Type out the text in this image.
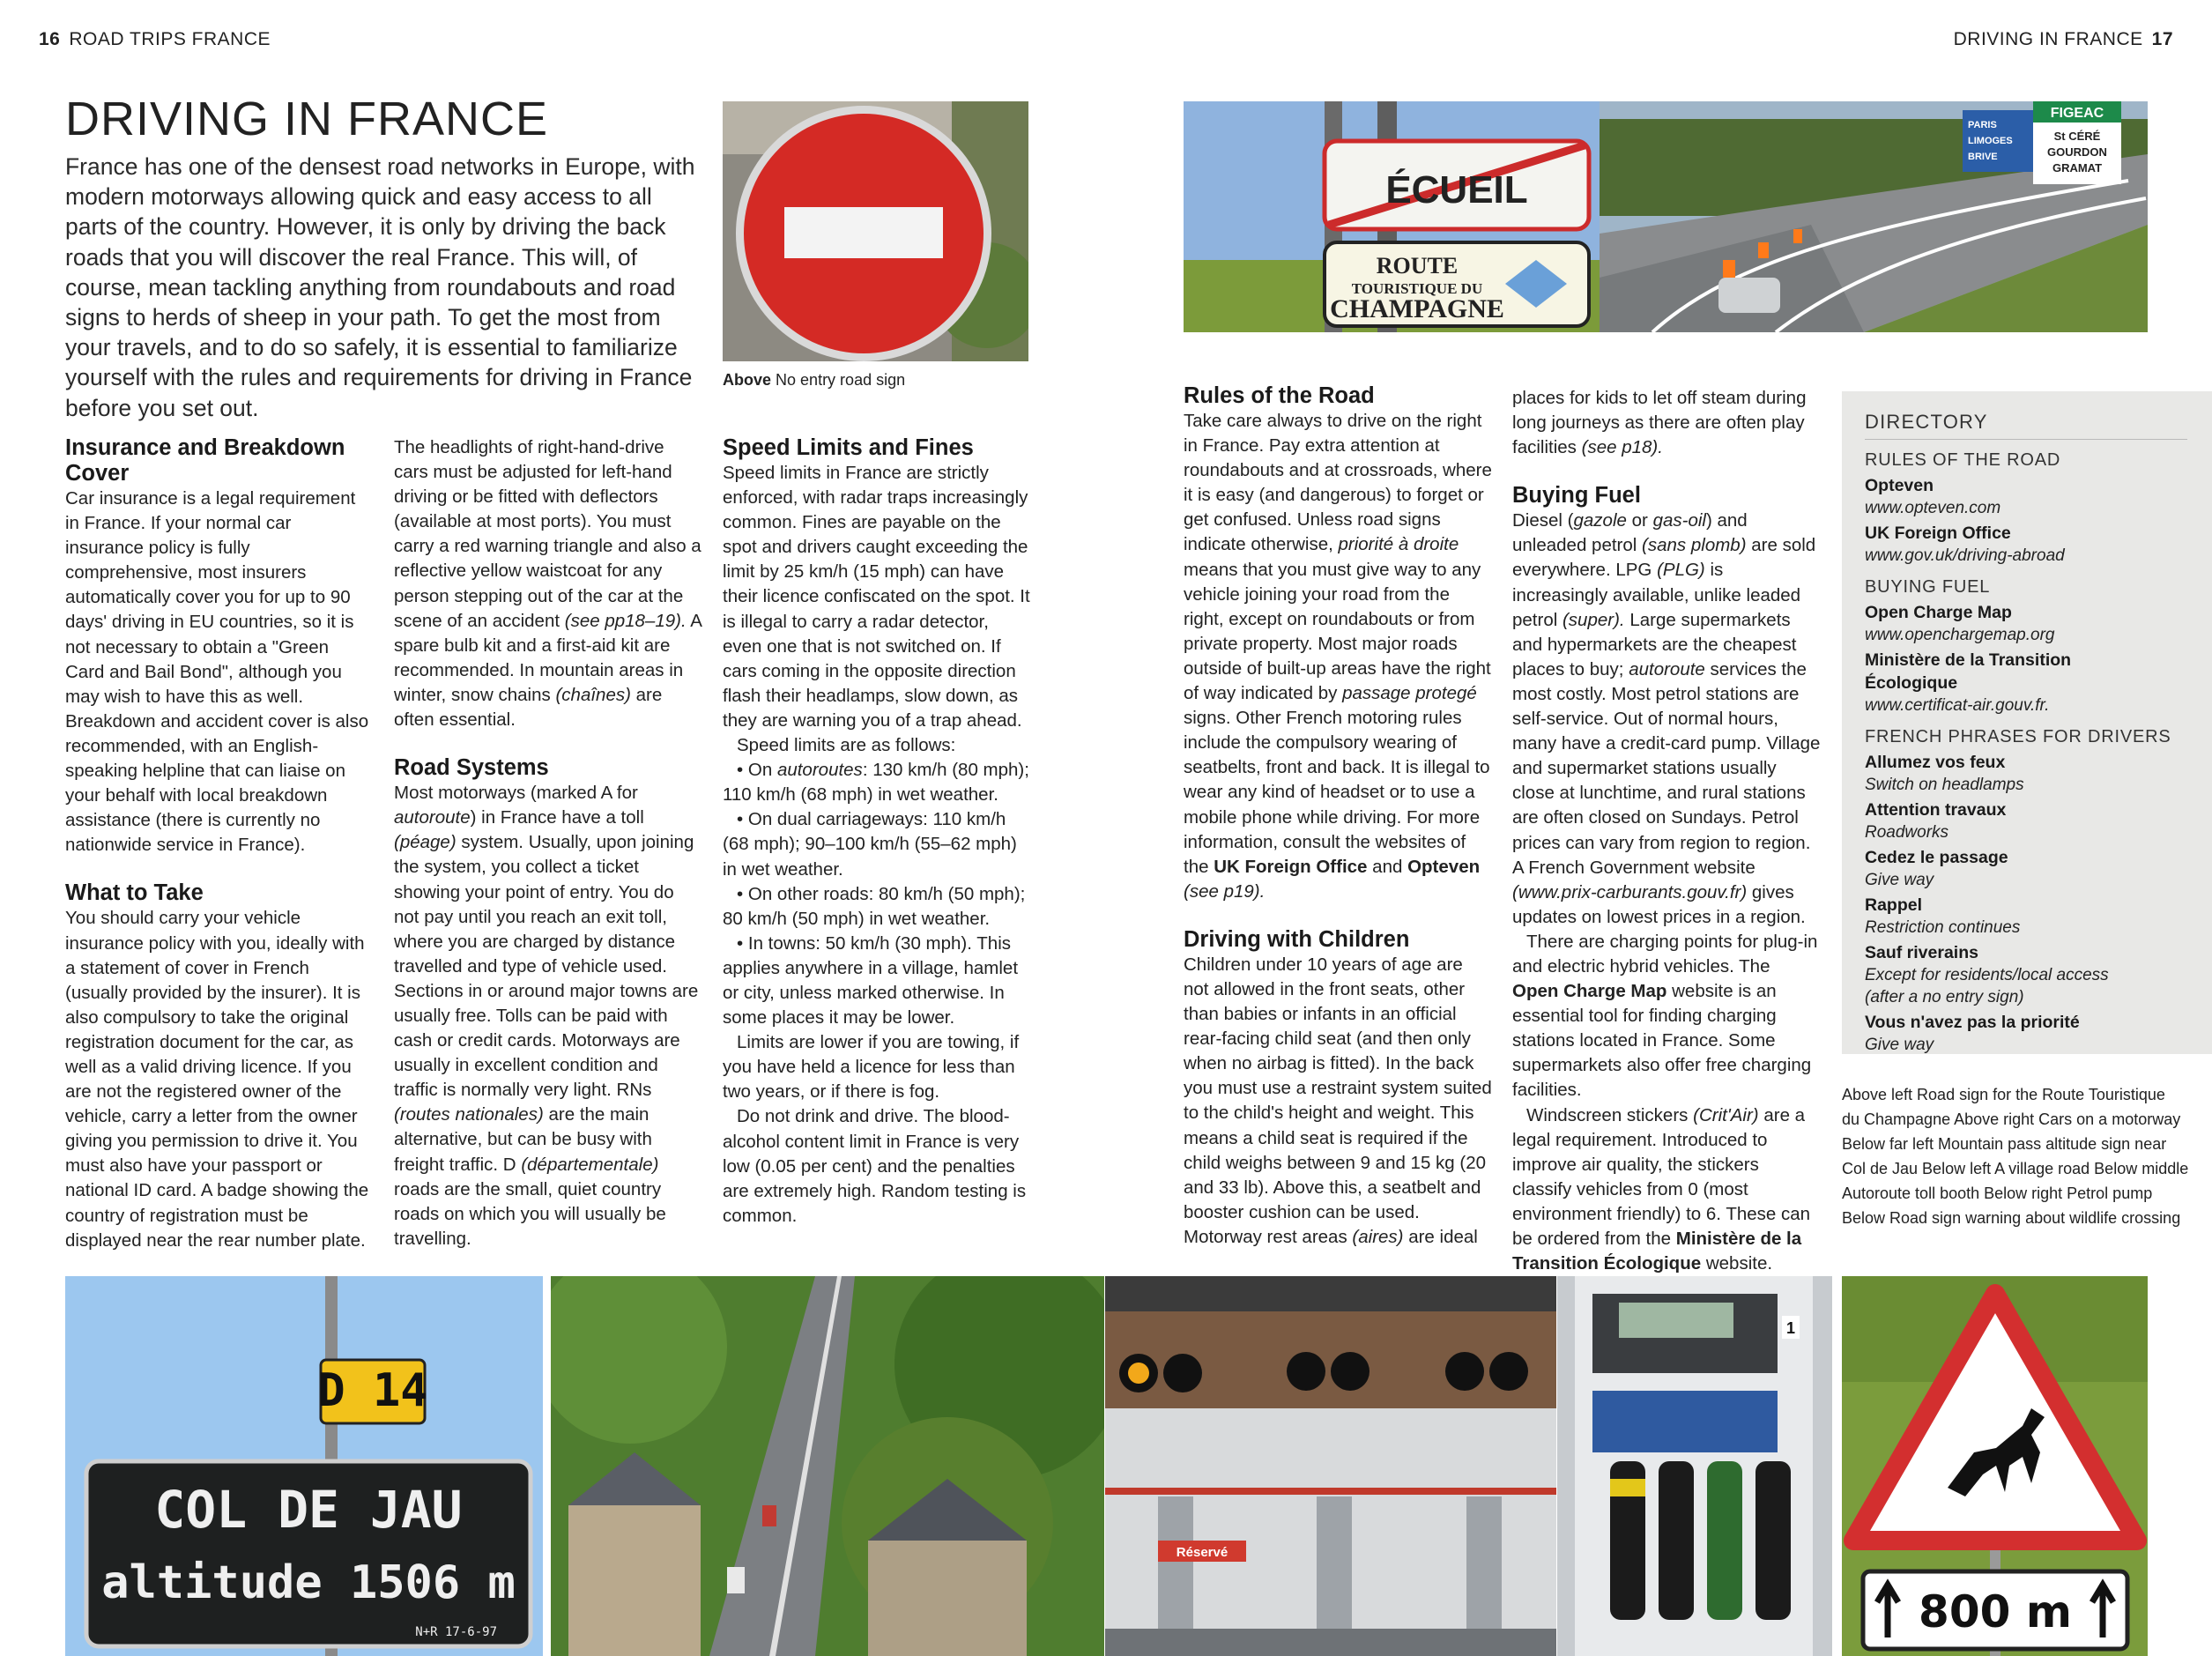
16 ROAD TRIPS FRANCE	DRIVING IN FRANCE 17
DRIVING IN FRANCE

France has one of the densest road networks in Europe, with modern motorways allowing quick and easy access to all parts of the country. However, it is only by driving the back roads that you will discover the real France. This will, of course, mean tackling anything from roundabouts and road signs to herds of sheep in your path. To get the most from your travels, and to do so safely, it is essential to familiarize yourself with the rules and requirements for driving in France before you set out.

Above No entry road sign
ÉCUEIL
ROUTE
TOURISTIQUE DU
CHAMPAGNE
FIGEAC
St CÉRÉ
GOURDON
GRAMAT
PARIS
LIMOGES
BRIVE
Insurance and Breakdown Cover

Car insurance is a legal requirement in France. If your normal car insurance policy is fully comprehensive, most insurers automatically cover you for up to 90 days' driving in EU countries, so it is not necessary to obtain a "Green Card and Bail Bond", although you may wish to have this as well. Breakdown and accident cover is also recommended, with an English-speaking helpline that can liaise on your behalf with local breakdown assistance (there is currently no nationwide service in France).

What to Take

You should carry your vehicle insurance policy with you, ideally with a statement of cover in French (usually provided by the insurer). It is also compulsory to take the original registration document for the car, as well as a valid driving licence. If you are not the registered owner of the vehicle, carry a letter from the owner giving you permission to drive it. You must also have your passport or national ID card. A badge showing the country of registration must be displayed near the rear number plate.

The headlights of right-hand-drive cars must be adjusted for left-hand driving or be fitted with deflectors (available at most ports). You must carry a red warning triangle and also a reflective yellow waistcoat for any person stepping out of the car at the scene of an accident (see pp18–19). A spare bulb kit and a first-aid kit are recommended. In mountain areas in winter, snow chains (chaînes) are often essential.

Road Systems

Most motorways (marked A for autoroute) in France have a toll (péage) system. Usually, upon joining the system, you collect a ticket showing your point of entry. You do not pay until you reach an exit toll, where you are charged by distance travelled and type of vehicle used. Sections in or around major towns are usually free. Tolls can be paid with cash or credit cards. Motorways are usually in excellent condition and traffic is normally very light. RNs (routes nationales) are the main alternative, but can be busy with freight traffic. D (départementale) roads are the small, quiet country roads on which you will usually be travelling.

Speed Limits and Fines

Speed limits in France are strictly enforced, with radar traps increasingly common. Fines are payable on the spot and drivers caught exceeding the limit by 25 km/h (15 mph) can have their licence confiscated on the spot. It is illegal to carry a radar detector, even one that is not switched on. If cars coming in the opposite direction flash their headlamps, slow down, as they are warning you of a trap ahead.

Speed limits are as follows:

• On autoroutes: 130 km/h (80 mph); 110 km/h (68 mph) in wet weather.

• On dual carriageways: 110 km/h (68 mph); 90–100 km/h (55–62 mph) in wet weather.

• On other roads: 80 km/h (50 mph); 80 km/h (50 mph) in wet weather.

• In towns: 50 km/h (30 mph). This applies anywhere in a village, hamlet or city, unless marked otherwise. In some places it may be lower.

Limits are lower if you are towing, if you have held a licence for less than two years, or if there is fog.

Do not drink and drive. The blood-alcohol content limit in France is very low (0.05 per cent) and the penalties are extremely high. Random testing is common.

Rules of the Road

Take care always to drive on the right in France. Pay extra attention at roundabouts and at crossroads, where it is easy (and dangerous) to forget or get confused. Unless road signs indicate otherwise, priorité à droite means that you must give way to any vehicle joining your road from the right, except on roundabouts or from private property. Most major roads outside of built-up areas have the right of way indicated by passage protegé signs. Other French motoring rules include the compulsory wearing of seatbelts, front and back. It is illegal to wear any kind of headset or to use a mobile phone while driving. For more information, consult the websites of the UK Foreign Office and Opteven (see p19).

Driving with Children

Children under 10 years of age are not allowed in the front seats, other than babies or infants in an official rear-facing child seat (and then only when no airbag is fitted). In the back you must use a restraint system suited to the child's height and weight. This means a child seat is required if the child weighs between 9 and 15 kg (20 and 33 lb). Above this, a seatbelt and booster cushion can be used. Motorway rest areas (aires) are ideal

places for kids to let off steam during long journeys as there are often play facilities (see p18).

Buying Fuel

Diesel (gazole or gas-oil) and unleaded petrol (sans plomb) are sold everywhere. LPG (PLG) is increasingly available, unlike leaded petrol (super). Large supermarkets and hypermarkets are the cheapest places to buy; autoroute services the most costly. Most petrol stations are self-service. Out of normal hours, many have a credit-card pump. Village and supermarket stations usually close at lunchtime, and rural stations are often closed on Sundays. Petrol prices can vary from region to region. A French Government website (www.prix-carburants.gouv.fr) gives updates on lowest prices in a region.

There are charging points for plug-in and electric hybrid vehicles. The Open Charge Map website is an essential tool for finding charging stations located in France. Some supermarkets also offer free charging facilities.

Windscreen stickers (Crit'Air) are a legal requirement. Introduced to improve air quality, the stickers classify vehicles from 0 (most environment friendly) to 6. These can be ordered from the Ministère de la Transition Écologique website.

DIRECTORY
RULES OF THE ROAD
Opteven
www.opteven.com
UK Foreign Office
www.gov.uk/driving-abroad
BUYING FUEL
Open Charge Map
www.openchargemap.org
Ministère de la Transition
Écologique
www.certificat-air.gouv.fr.
FRENCH PHRASES FOR DRIVERS
Allumez vos feux
Switch on headlamps
Attention travaux
Roadworks
Cedez le passage
Give way
Rappel
Restriction continues
Sauf riverains
Except for residents/local access
(after a no entry sign)
Vous n'avez pas la priorité
Give way
Above left Road sign for the Route Touristique
du Champagne Above right Cars on a motorway
Below far left Mountain pass altitude sign near
Col de Jau Below left A village road Below middle
Autoroute toll booth Below right Petrol pump
Below Road sign warning about wildlife crossing
D 14
COL DE JAU
altitude 1506 m
N+R 17-6-97
Réservé
1
800 m
